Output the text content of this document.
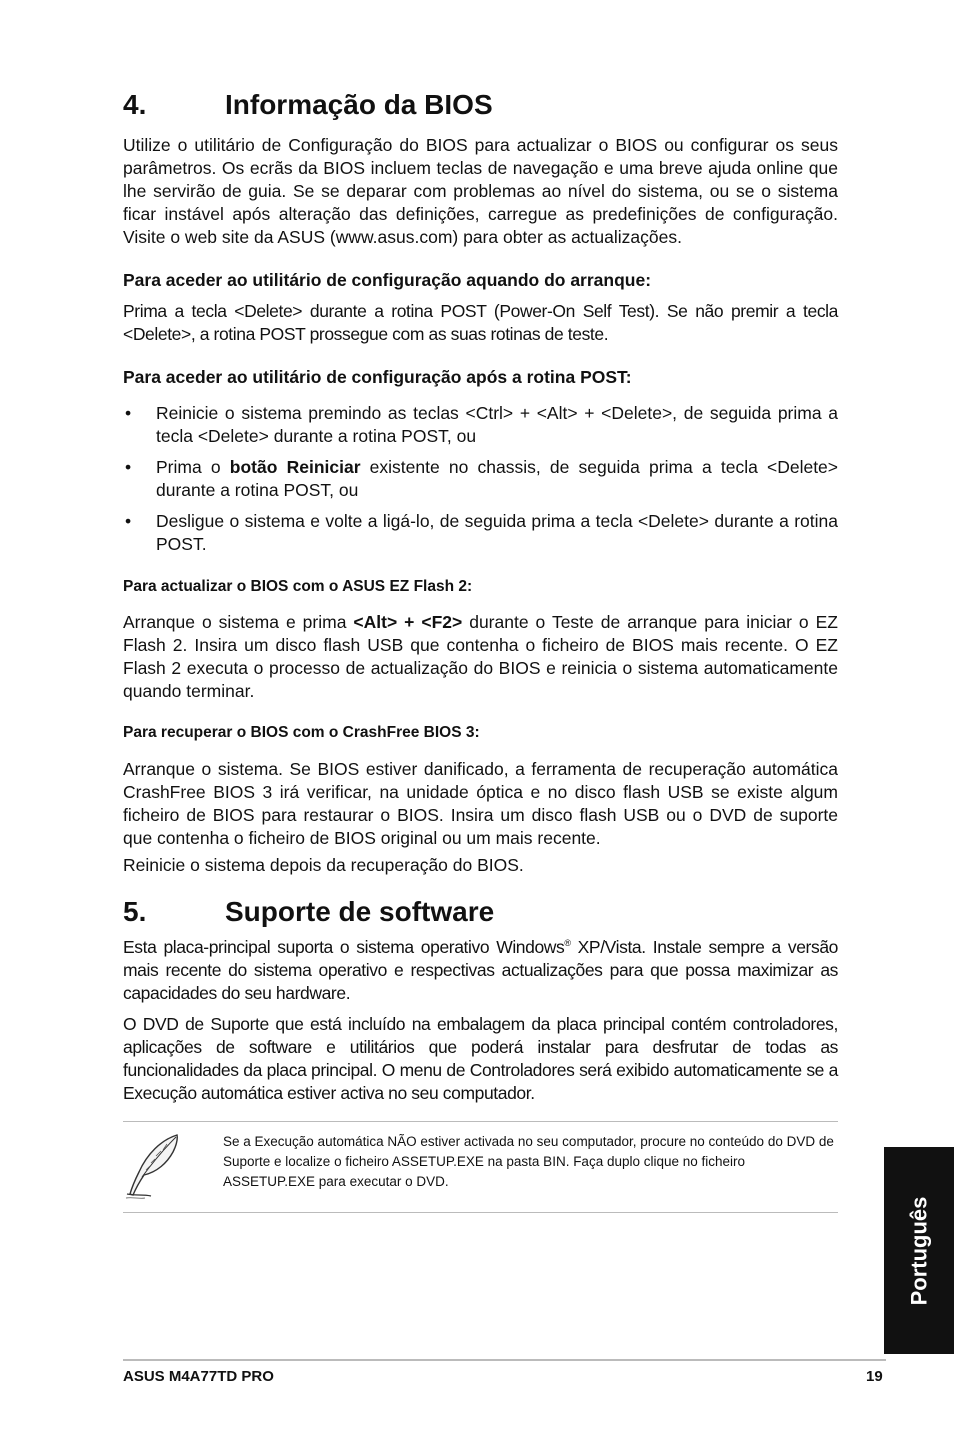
4.	Informação da BIOS

Utilize o utilitário de Configuração do BIOS para actualizar o BIOS ou configurar os seus parâmetros. Os ecrãs da BIOS incluem teclas de navegação e uma breve ajuda online que lhe servirão de guia. Se se deparar com problemas ao nível do sistema, ou se o sistema ficar instável após alteração das definições, carregue as predefinições de configuração. Visite o web site da ASUS (www.asus.com) para obter as actualizações.

Para aceder ao utilitário de configuração aquando do arranque:

Prima a tecla <Delete> durante a rotina POST (Power-On Self Test). Se não premir a tecla <Delete>, a rotina POST prossegue com as suas rotinas de teste.

Para aceder ao utilitário de configuração após a rotina POST:

• Reinicie o sistema premindo as teclas <Ctrl> + <Alt> + <Delete>, de seguida prima a tecla <Delete> durante a rotina POST, ou
• Prima o botão Reiniciar existente no chassis, de seguida prima a tecla <Delete> durante a rotina POST, ou
• Desligue o sistema e volte a ligá-lo, de seguida prima a tecla <Delete> durante a rotina POST.

Para actualizar o BIOS com o ASUS EZ Flash 2:

Arranque o sistema e prima <Alt> + <F2> durante o Teste de arranque para iniciar o EZ Flash 2. Insira um disco flash USB que contenha o ficheiro de BIOS mais recente. O EZ Flash 2 executa o processo de actualização do BIOS e reinicia o sistema automaticamente quando terminar.

Para recuperar o BIOS com o CrashFree BIOS 3:

Arranque o sistema. Se BIOS estiver danificado, a ferramenta de recuperação automática CrashFree BIOS 3 irá verificar, na unidade óptica e no disco flash USB se existe algum ficheiro de BIOS para restaurar o BIOS. Insira um disco flash USB ou o DVD de suporte que contenha o ficheiro de BIOS original ou um mais recente.

Reinicie o sistema depois da recuperação do BIOS.

5.	Suporte de software

Esta placa-principal suporta o sistema operativo Windows® XP/Vista. Instale sempre a versão mais recente do sistema operativo e respectivas actualizações para que possa maximizar as capacidades do seu hardware.

O DVD de Suporte que está incluído na embalagem da placa principal contém controladores, aplicações de software e utilitários que poderá instalar para desfrutar de todas as funcionalidades da placa principal. O menu de Controladores será exibido automaticamente se a Execução automática estiver activa no seu computador.

Se a Execução automática NÃO estiver activada no seu computador, procure no conteúdo do DVD de Suporte e localize o ficheiro ASSETUP.EXE na pasta BIN. Faça duplo clique no ficheiro ASSETUP.EXE para executar o DVD.
Português
ASUS M4A77TD PRO	19
